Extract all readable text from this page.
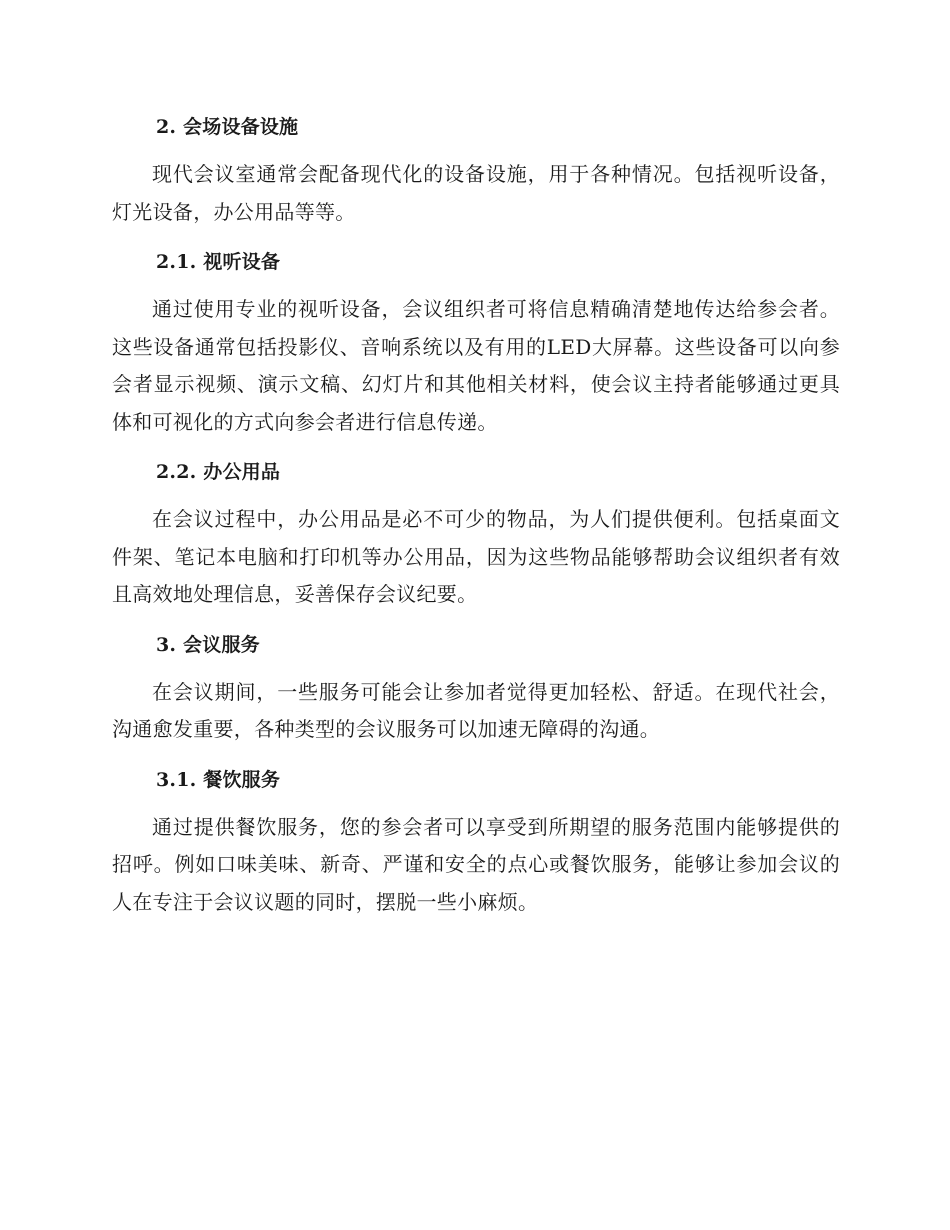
2. 会场设备设施

现代会议室通常会配备现代化的设备设施，用于各种情况。包括视听设备，灯光设备，办公用品等等。

2.1. 视听设备

通过使用专业的视听设备，会议组织者可将信息精确清楚地传达给参会者。这些设备通常包括投影仪、音响系统以及有用的LED大屏幕。这些设备可以向参会者显示视频、演示文稿、幻灯片和其他相关材料，使会议主持者能够通过更具体和可视化的方式向参会者进行信息传递。

2.2. 办公用品

在会议过程中，办公用品是必不可少的物品，为人们提供便利。包括桌面文件架、笔记本电脑和打印机等办公用品，因为这些物品能够帮助会议组织者有效且高效地处理信息，妥善保存会议纪要。

3. 会议服务

在会议期间，一些服务可能会让参加者觉得更加轻松、舒适。在现代社会，沟通愈发重要，各种类型的会议服务可以加速无障碍的沟通。

3.1. 餐饮服务

通过提供餐饮服务，您的参会者可以享受到所期望的服务范围内能够提供的招呼。例如口味美味、新奇、严谨和安全的点心或餐饮服务，能够让参加会议的人在专注于会议议题的同时，摆脱一些小麻烦。
